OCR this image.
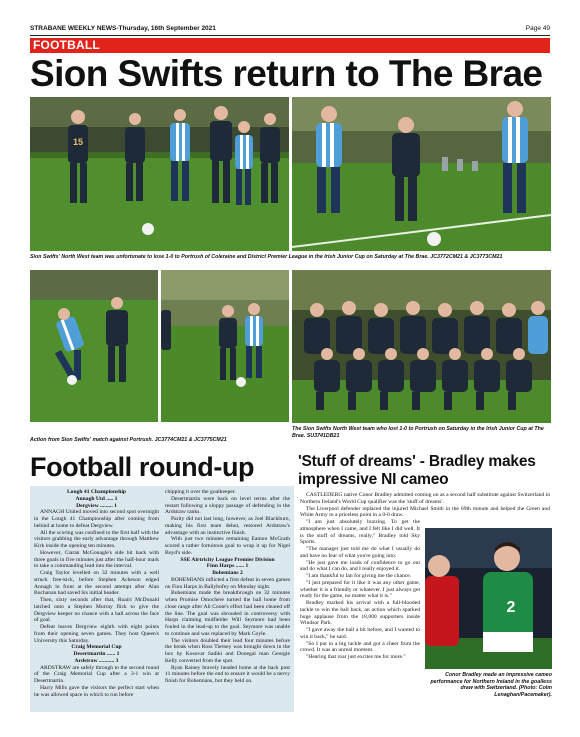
STRABANE WEEKLY NEWS-Thursday, 16th September 2021	Page 49
FOOTBALL
Sion Swifts return to The Brae
15
Sion Swifts' North West team was unfortunate to lose 1-0 to Portrush of Coleraine and District Premier League in the Irish Junior Cup on Saturday at The Brae. JC3772CM21 & JC3773CM21
Action from Sion Swifts' match against Portrush. JC3774CM21 & JC3775CM21
The Sion Swifts North West team who lost 1-0 to Portrush on Saturday in the Irish Junior Cup at The Brae. SU3741DB21
Football round-up

Lough 41 Championship

Annagh Utd ..... 1

Dergview ......... 1

ANNAGH United moved into second spot overnight in the Lough 41 Championship after coming from behind at home to defeat Dergview.

All the scoring was confined to the first half with the visitors grabbing the early advantage through Matthew Kirk inside the opening ten minutes.

However, Ciaran McGonagle's side hit back with three goals in five minutes just after the half-hour mark to take a commanding lead into the interval.

Craig Taylor levelled on 32 minutes with a well struck free-kick, before Stephen Acheson edged Annagh in front at the second attempt after Alan Buchanan had saved his initial header.

Then, sixty seconds after that, Ruairi McDonald latched onto a Stephen Murray flick to give the Dergview keeper no chance with a ball across the face of goal.

Defeat leaves Dergview eighth with eight points from their opening seven games. They host Queen's University this Saturday.

Craig Memorial Cup

Desertmartin ...... 1

Ardstraw ........... 3

ARDSTRAW are safely through to the second round of the Craig Memorial Cup after a 3-1 win at Desertmartin.

Harry Mills gave the visitors the perfect start when he was allowed space in which to run before

chipping it over the goalkeeper.

Desertmartin were back on level terms after the restart following a sloppy passage of defending in the Ardstraw ranks.

Parity did not last long, however, as Joel Blackburn, making his first team debut, restored Ardstraw's advantage with an instinctive finish.

With just two minutes remaining Eamon McGrath scored a rather fortuitous goal to wrap it up for Nigel Boyd's side.

SSE Airtricity League Premier Division

Finn Harps ...... 1

Bohemians 2

BOHEMIANS inflicted a first defeat in seven games on Finn Harps in Ballybofey on Monday night.

Bohemians made the breakthrough on 32 minutes when Promise Omochere turned the ball home from close range after Ali Coote's effort had been cleared off the line. The goal was shrouded in controversy with Harps claiming midfielder Will Seymore had been fouled in the lead-up to the goal. Seymore was unable to continue and was replaced by Mark Coyle.

The visitors doubled their lead four minutes before the break when Ross Tierney was brought down in the box by Kosovar Sadiki and Donegal man Georgie Kelly converted from the spot.

Ryan Rainey bravely headed home at the back post 11 minutes before the end to ensure it would be a nervy finish for Bohemians, but they held on.

'Stuff of dreams' - Bradley makes impressive NI cameo

CASTLEDERG native Conor Bradley admitted coming on as a second half substitute against Switzerland in Northern Ireland's World Cup qualifier was the 'stuff of dreams'.

The Liverpool defender replaced the injured Michael Smith in the 69th minute and helped the Green and White Army to a priceless point in a 0-0 draw.

"I am just absolutely buzzing. To get the atmosphere when I came, and I felt like I did well. It is the stuff of dreams, really," Bradley told Sky Sports.

"The manager just told me do what I usually do and have no fear of what you're going into.

"He just gave me loads of confidence to go out and do what I can do, and I really enjoyed it.

"I am thankful to Ian for giving me the chance.

"I just prepared for it like it was any other game, whether it is a friendly or whatever. I just always get ready for the game, no matter what it is."

Bradley marked his arrival with a full-blooded tackle to win the ball back, an action which sparked huge applause from the 18,000 supporters inside Windsor Park.

"I gave away the ball a bit before, and I wanted to win it back," he said.

"So I put in a big tackle and got a cheer from the crowd. It was an unreal moment.

"Hearing that roar just excites me for more."

2
Conor Bradley made an impressive cameo performance for Northern Ireland in the goalless draw with Switzerland. (Photo: Colm Lenaghan/Pacemaker).
